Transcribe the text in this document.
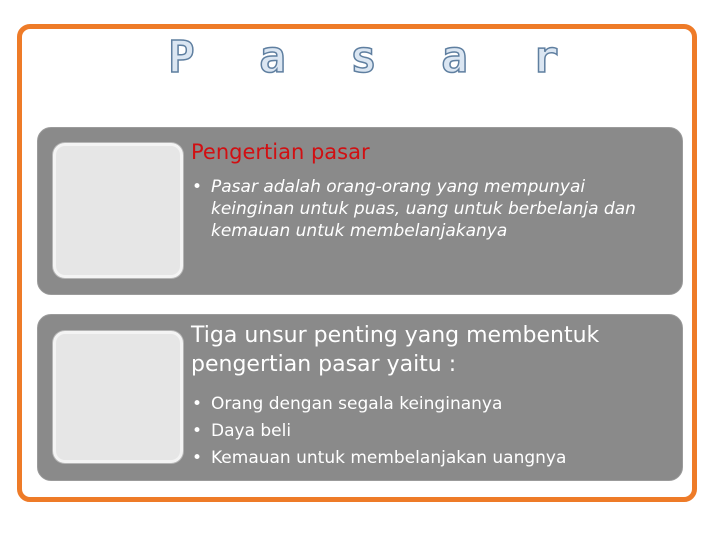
P a s a r

Pengertian pasar

• Pasar adalah orang-orang yang mempunyai keinginan untuk puas, uang untuk berbelanja dan kemauan untuk membelanjakanya

Tiga unsur penting yang membentuk pengertian pasar yaitu :

• Orang dengan segala keinginanya
• Daya beli
• Kemauan untuk membelanjakan uangnya
